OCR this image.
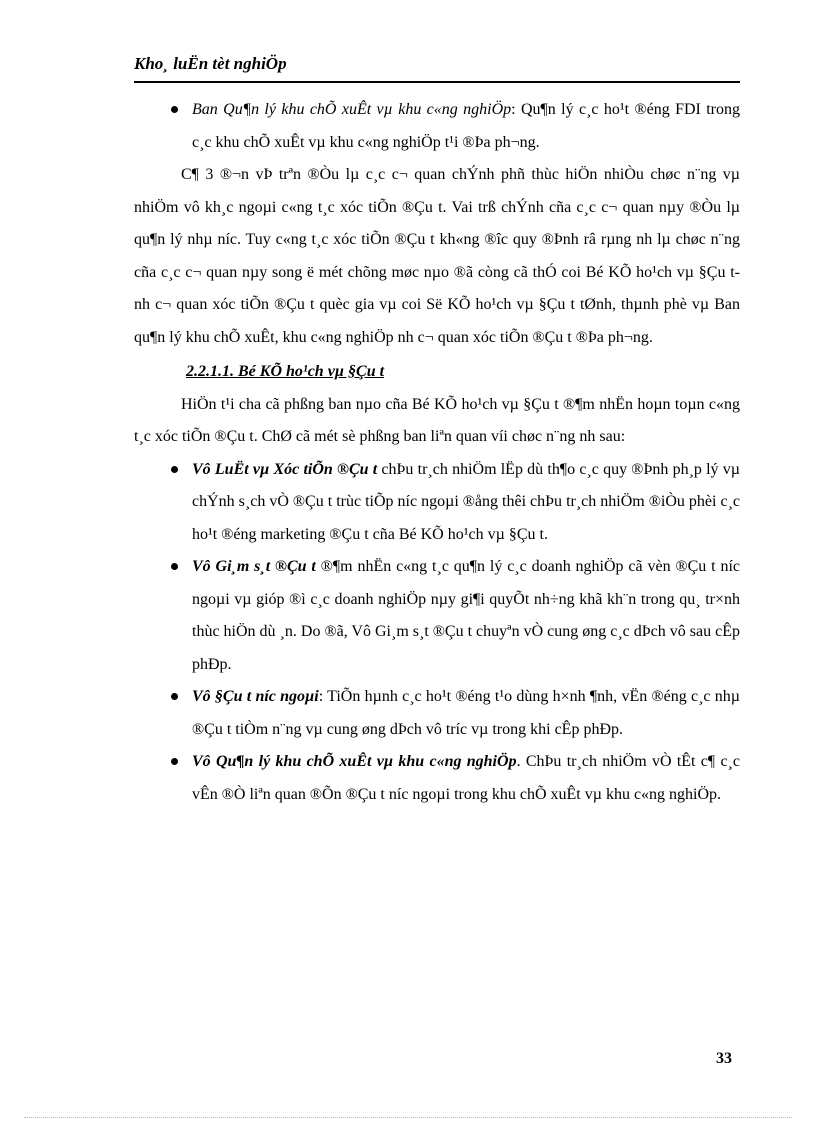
Kho¸ luËn tèt nghiÖp
Ban Qu¶n lý khu chÕ xuÊt vµ khu c«ng nghiÖp: Qu¶n lý c¸c ho¹t ®éng FDI trong c¸c khu chÕ xuÊt vµ khu c«ng nghiÖp t¹i ®Þa ph¬ng.

C¶ 3 ®¬n vÞ trªn ®Òu lµ c¸c c¬ quan chÝnh phñ thùc hiÖn nhiÒu chøc n¨ng vµ nhiÖm vô kh¸c ngoµi c«ng t¸c xóc tiÕn ®Çu t. Vai trß chÝnh cña c¸c c¬ quan nµy ®Òu lµ qu¶n lý nhµ níc. Tuy c«ng t¸c xóc tiÕn ®Çu t kh«ng ®îc quy ®Þnh râ rµng nh lµ chøc n¨ng cña c¸c c¬ quan nµy song ë mét chõng møc nµo ®ã còng cã thÓ coi Bé KÕ ho¹ch vµ §Çu t nh c¬ quan xóc tiÕn ®Çu t quèc gia vµ coi Së KÕ ho¹ch vµ §Çu t tØnh, thµnh phè vµ Ban qu¶n lý khu chÕ xuÊt, khu c«ng nghiÖp nh c¬ quan xóc tiÕn ®Çu t ®Þa ph¬ng.

2.2.1.1. Bé KÕ ho¹ch vµ §Çu t

HiÖn t¹i cha cã phßng ban nµo cña Bé KÕ ho¹ch vµ §Çu t ®¶m nhËn hoµn toµn c«ng t¸c xóc tiÕn ®Çu t. ChØ cã mét sè phßng ban liªn quan víi chøc n¨ng nh sau:

Vô LuËt vµ Xóc tiÕn ®Çu t chÞu tr¸ch nhiÖm lËp dù th¶o c¸c quy ®Þnh ph¸p lý vµ chÝnh s¸ch vÒ ®Çu t trùc tiÕp níc ngoµi ®ång thêi chÞu tr¸ch nhiÖm ®iÒu phèi c¸c ho¹t ®éng marketing ®Çu t cña Bé KÕ ho¹ch vµ §Çu t.
Vô Gi¸m s¸t ®Çu t ®¶m nhËn c«ng t¸c qu¶n lý c¸c doanh nghiÖp cã vèn ®Çu t níc ngoµi vµ gióp ®ì c¸c doanh nghiÖp nµy gi¶i quyÕt nh÷ng khã kh¨n trong qu¸ tr×nh thùc hiÖn dù ¸n. Do ®ã, Vô Gi¸m s¸t ®Çu t chuyªn vÒ cung øng c¸c dÞch vô sau cÊp phÐp.
Vô §Çu t níc ngoµi: TiÕn hµnh c¸c ho¹t ®éng t¹o dùng h×nh ¶nh, vËn ®éng c¸c nhµ ®Çu t tiÒm n¨ng vµ cung øng dÞch vô tríc vµ trong khi cÊp phÐp.
Vô Qu¶n lý khu chÕ xuÊt vµ khu c«ng nghiÖp. ChÞu tr¸ch nhiÖm vÒ tÊt c¶ c¸c vÊn ®Ò liªn quan ®Õn ®Çu t níc ngoµi trong khu chÕ xuÊt vµ khu c«ng nghiÖp.
33
